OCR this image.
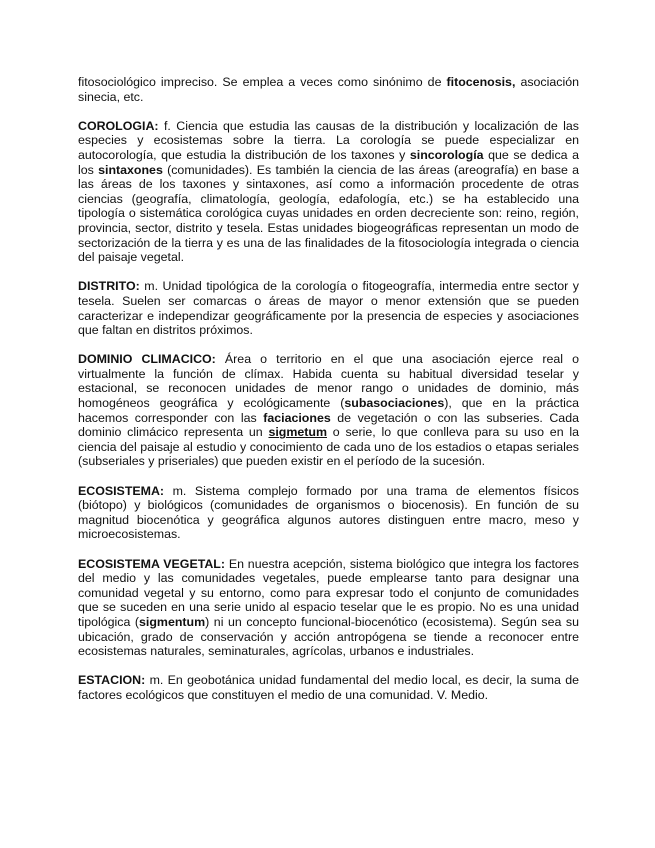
fitosociológico impreciso. Se emplea a veces como sinónimo de fitocenosis, asociación sinecia, etc.

COROLOGIA: f. Ciencia que estudia las causas de la distribución y localización de las especies y ecosistemas sobre la tierra. La corología se puede especializar en autocorología, que estudia la distribución de los taxones y sincorología que se dedica a los sintaxones (comunidades). Es también la ciencia de las áreas (areografía) en base a las áreas de los taxones y sintaxones, así como a información procedente de otras ciencias (geografía, climatología, geología, edafología, etc.) se ha establecido una tipología o sistemática corológica cuyas unidades en orden decreciente son: reino, región, provincia, sector, distrito y tesela. Estas unidades biogeográficas representan un modo de sectorización de la tierra y es una de las finalidades de la fitosociología integrada o ciencia del paisaje vegetal.

DISTRITO: m. Unidad tipológica de la corología o fitogeografía, intermedia entre sector y tesela. Suelen ser comarcas o áreas de mayor o menor extensión que se pueden caracterizar e independizar geográficamente por la presencia de especies y asociaciones que faltan en distritos próximos.

DOMINIO CLIMACICO: Área o territorio en el que una asociación ejerce real o virtualmente la función de clímax. Habida cuenta su habitual diversidad teselar y estacional, se reconocen unidades de menor rango o unidades de dominio, más homogéneos geográfica y ecológicamente (subasociaciones), que en la práctica hacemos corresponder con las faciaciones de vegetación o con las subseries. Cada dominio climácico representa un sigmetum o serie, lo que conlleva para su uso en la ciencia del paisaje al estudio y conocimiento de cada uno de los estadios o etapas seriales (subseriales y priseriales) que pueden existir en el período de la sucesión.

ECOSISTEMA: m. Sistema complejo formado por una trama de elementos físicos (biótopo) y biológicos (comunidades de organismos o biocenosis). En función de su magnitud biocenótica y geográfica algunos autores distinguen entre macro, meso y microecosistemas.

ECOSISTEMA VEGETAL: En nuestra acepción, sistema biológico que integra los factores del medio y las comunidades vegetales, puede emplearse tanto para designar una comunidad vegetal y su entorno, como para expresar todo el conjunto de comunidades que se suceden en una serie unido al espacio teselar que le es propio. No es una unidad tipológica (sigmentum) ni un concepto funcional-biocenótico (ecosistema). Según sea su ubicación, grado de conservación y acción antropógena se tiende a reconocer entre ecosistemas naturales, seminaturales, agrícolas, urbanos e industriales.

ESTACION: m. En geobotánica unidad fundamental del medio local, es decir, la suma de factores ecológicos que constituyen el medio de una comunidad. V. Medio.
